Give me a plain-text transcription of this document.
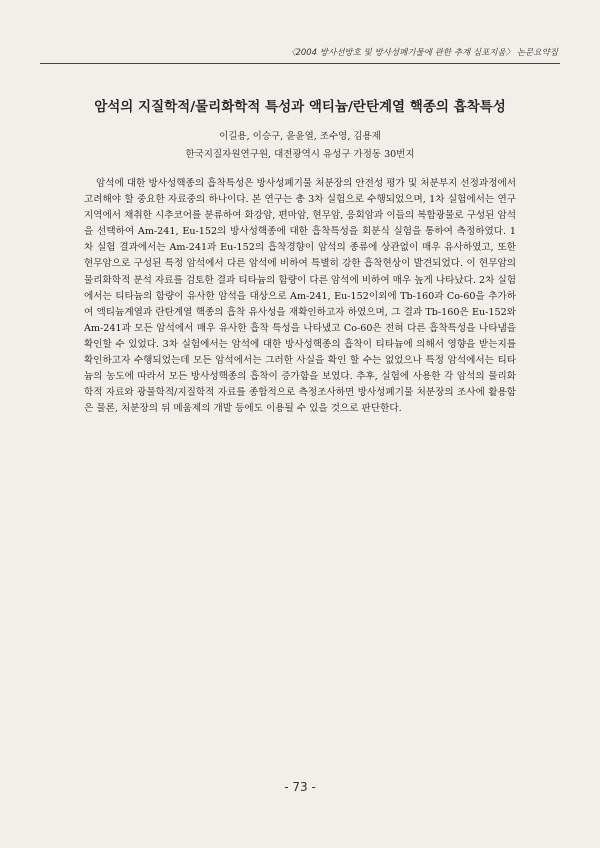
〈2004 방사선방호 및 방사성폐기물에 관한 추계 심포지움〉 논문요약집
암석의 지질학적/물리화학적 특성과 액티늄/란탄계열 핵종의 흡착특성
이길용, 이승구, 윤윤열, 조수영, 김용제
한국지질자원연구원, 대전광역시 유성구 가정동 30번지

암석에 대한 방사성핵종의 흡착특성은 방사성폐기물 처분장의 안전성 평가 및 처분부지 선정과정에서 고려해야 할 중요한 자료중의 하나이다. 본 연구는 총 3차 실험으로 수행되었으며, 1차 실험에서는 연구지역에서 채취한 시추코어를 분류하여 화강암, 편마암, 현무암, 응회암과 이들의 복합광물로 구성된 암석을 선택하여 Am-241, Eu-152의 방사성핵종에 대한 흡착특성을 회분식 실험을 통하여 측정하였다. 1차 실험 결과에서는 Am-241과 Eu-152의 흡착경향이 암석의 종류에 상관없이 매우 유사하였고, 또한 현무암으로 구성된 특정 암석에서 다른 암석에 비하여 특별히 강한 흡착현상이 발견되었다. 이 현무암의 물리화학적 분석 자료를 검토한 결과 티타늄의 함량이 다른 암석에 비하여 매우 높게 나타났다. 2차 실험에서는 티타늄의 함량이 유사한 암석을 대상으로 Am-241, Eu-152이외에 Tb-160과 Co-60을 추가하여 액티늄계열과 란탄계열 핵종의 흡착 유사성을 재확인하고자 하였으며, 그 결과 Tb-160은 Eu-152와 Am-241과 모든 암석에서 매우 유사한 흡착 특성을 나타냈고 Co-60은 전혀 다른 흡착특성을 나타냄을 확인할 수 있었다. 3차 실험에서는 암석에 대한 방사성핵종의 흡착이 티타늄에 의해서 영향을 받는지를 확인하고자 수행되었는데 모든 암석에서는 그러한 사실을 확인 할 수는 없었으나 특정 암석에서는 티타늄의 농도에 따라서 모든 방사성핵종의 흡착이 증가함을 보였다. 추후, 실험에 사용한 각 암석의 물리화학적 자료와 광물학적/지질학적 자료를 종합적으로 측정조사하면 방사성폐기물 처분장의 조사에 활용함은 물론, 처분장의 뒤 메움제의 개발 등에도 이용될 수 있을 것으로 판단한다.

- 73 -
